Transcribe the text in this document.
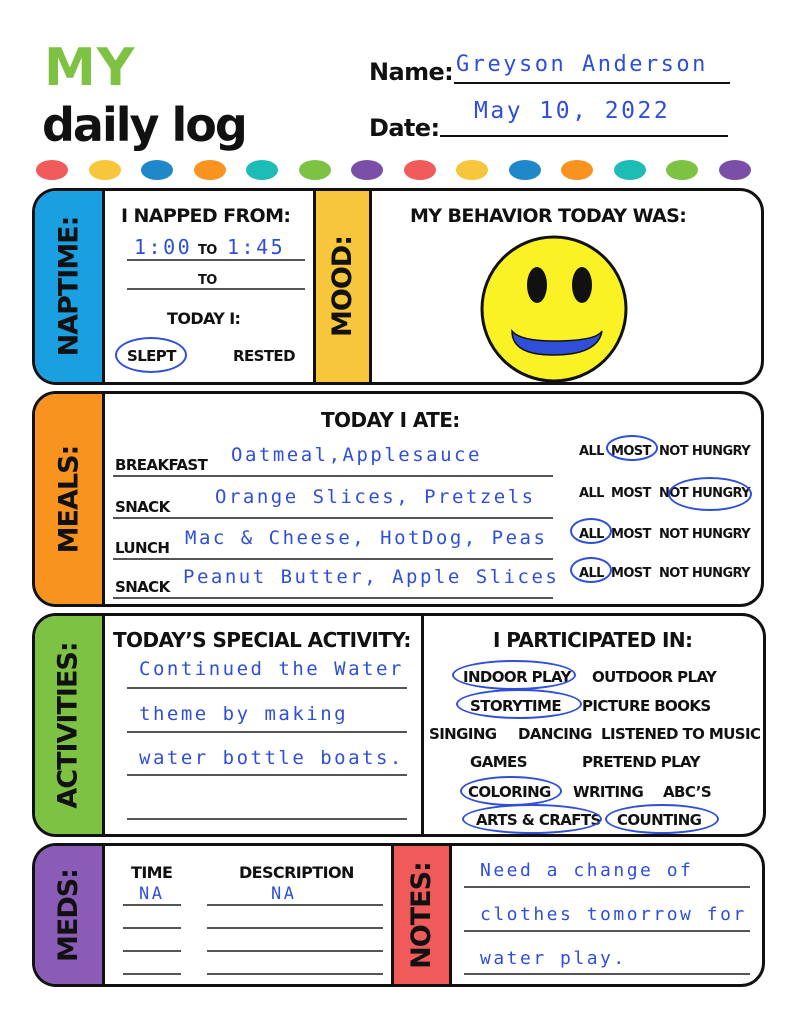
MY
daily log
Name: Greyson Anderson
May 10, 2022
Date:
NAPTIME:
I NAPPED FROM:
1:00 TO 1:45
TO
TODAY I:
SLEPT	RESTED
MOOD:
MY BEHAVIOR TODAY WAS:
MEALS:
TODAY I ATE:
BREAKFAST Oatmeal,Applesauce	ALL MOST NOT HUNGRY
SNACK Orange Slices, Pretzels	ALL MOST NOT HUNGRY
LUNCH Mac & Cheese, HotDog, Peas ALL MOST NOT HUNGRY
SNACK Peanut Butter, Apple Slices ALL MOST NOT HUNGRY
ACTIVITIES:
TODAY’S SPECIAL ACTIVITY:
Continued the Water
theme by making
water bottle boats.
I PARTICIPATED IN:
INDOOR PLAY OUTDOOR PLAY
STORYTIME PICTURE BOOKS
SINGING DANCING LISTENED TO MUSIC
GAMES	PRETEND PLAY
COLORING WRITING ABC’S
ARTS & CRAFTS COUNTING
MEDS:	TIME	DESCRIPTION
NA	NA	NOTES: Need a change of
clothes tomorrow for
water play.
